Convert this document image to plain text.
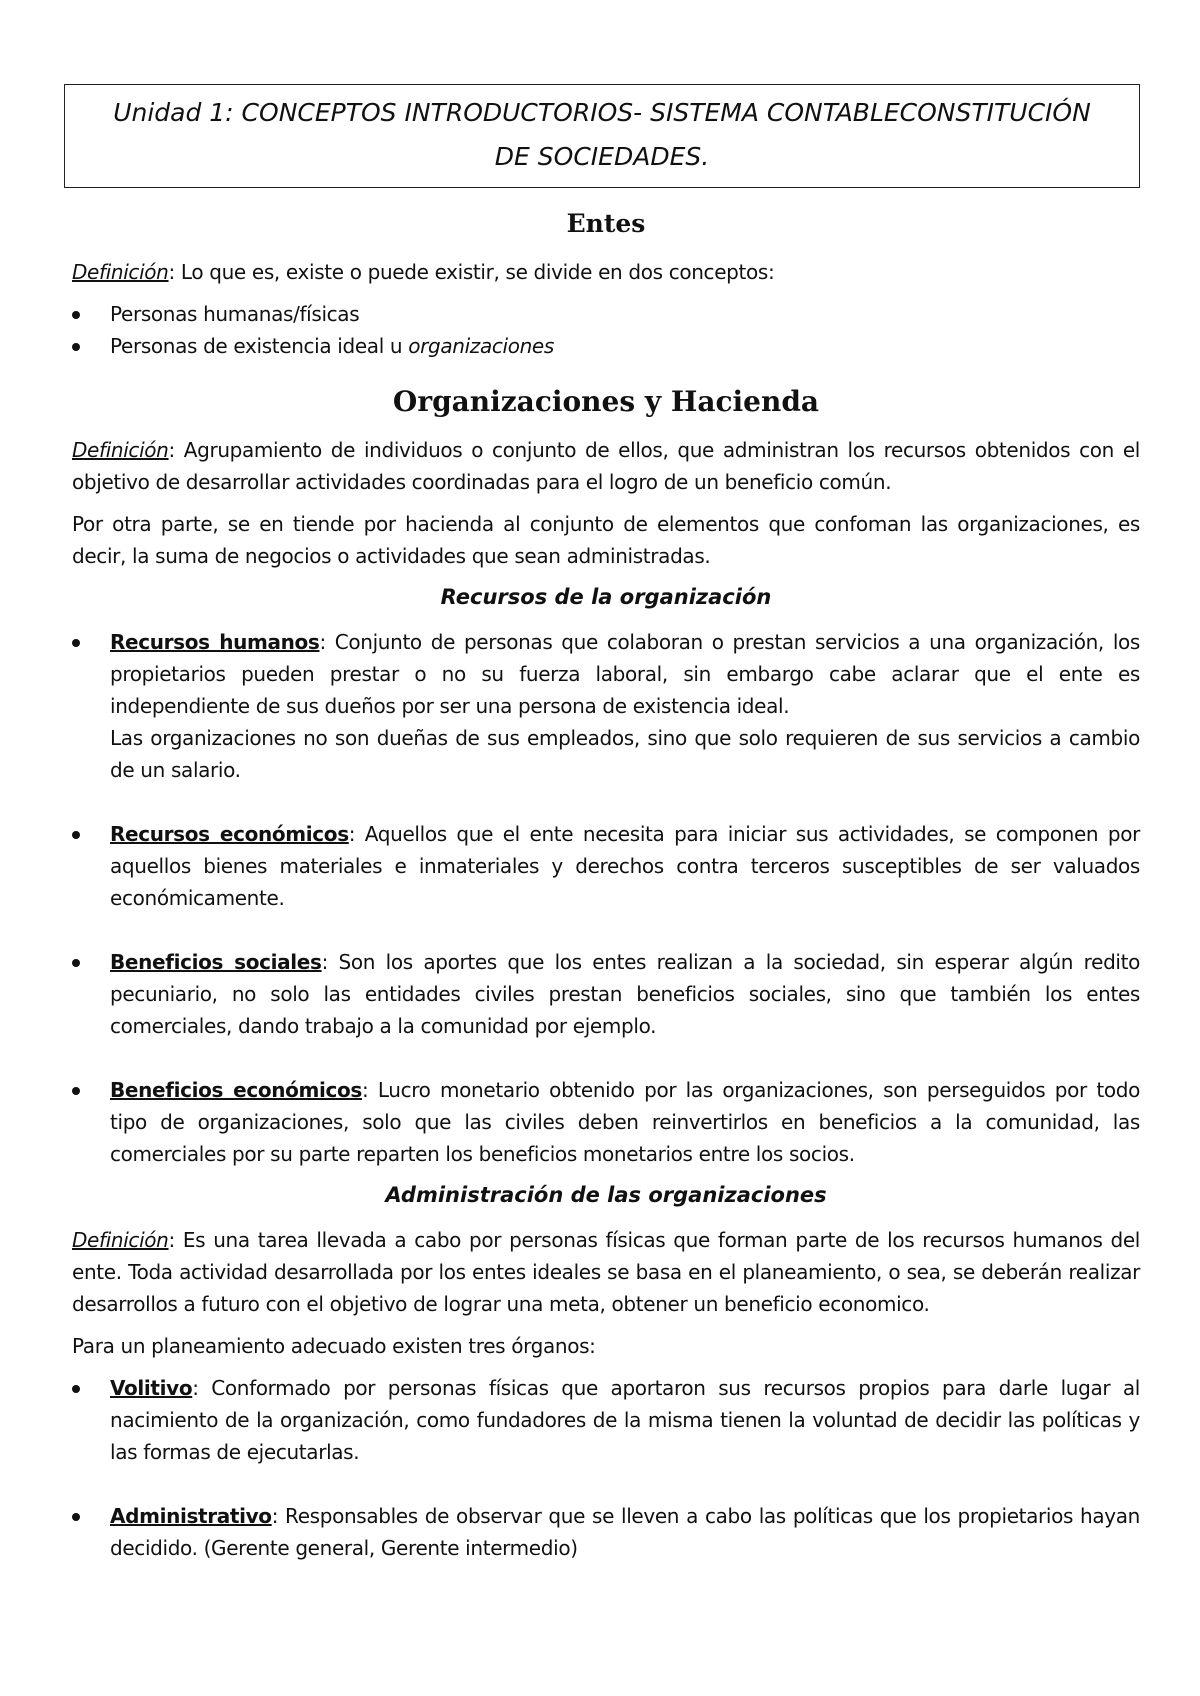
Unidad 1: CONCEPTOS INTRODUCTORIOS- SISTEMA CONTABLECONSTITUCIÓN
DE SOCIEDADES.
Entes

Definición: Lo que es, existe o puede existir, se divide en dos conceptos:

Personas humanas/físicas
Personas de existencia ideal u organizaciones
Organizaciones y Hacienda

Definición: Agrupamiento de individuos o conjunto de ellos, que administran los recursos obtenidos con el objetivo de desarrollar actividades coordinadas para el logro de un beneficio común.

Por otra parte, se en tiende por hacienda al conjunto de elementos que confoman las organizaciones, es decir, la suma de negocios o actividades que sean administradas.

Recursos de la organización
Recursos humanos: Conjunto de personas que colaboran o prestan servicios a una organización, los propietarios pueden prestar o no su fuerza laboral, sin embargo cabe aclarar que el ente es independiente de sus dueños por ser una persona de existencia ideal.
Las organizaciones no son dueñas de sus empleados, sino que solo requieren de sus servicios a cambio de un salario.
Recursos económicos: Aquellos que el ente necesita para iniciar sus actividades, se componen por aquellos bienes materiales e inmateriales y derechos contra terceros susceptibles de ser valuados económicamente.
Beneficios sociales: Son los aportes que los entes realizan a la sociedad, sin esperar algún redito pecuniario, no solo las entidades civiles prestan beneficios sociales, sino que también los entes comerciales, dando trabajo a la comunidad por ejemplo.
Beneficios económicos: Lucro monetario obtenido por las organizaciones, son perseguidos por todo tipo de organizaciones, solo que las civiles deben reinvertirlos en beneficios a la comunidad, las comerciales por su parte reparten los beneficios monetarios entre los socios.
Administración de las organizaciones

Definición: Es una tarea llevada a cabo por personas físicas que forman parte de los recursos humanos del ente. Toda actividad desarrollada por los entes ideales se basa en el planeamiento, o sea, se deberán realizar desarrollos a futuro con el objetivo de lograr una meta, obtener un beneficio economico.

Para un planeamiento adecuado existen tres órganos:

Volitivo: Conformado por personas físicas que aportaron sus recursos propios para darle lugar al nacimiento de la organización, como fundadores de la misma tienen la voluntad de decidir las políticas y las formas de ejecutarlas.
Administrativo: Responsables de observar que se lleven a cabo las políticas que los propietarios hayan decidido. (Gerente general, Gerente intermedio)
